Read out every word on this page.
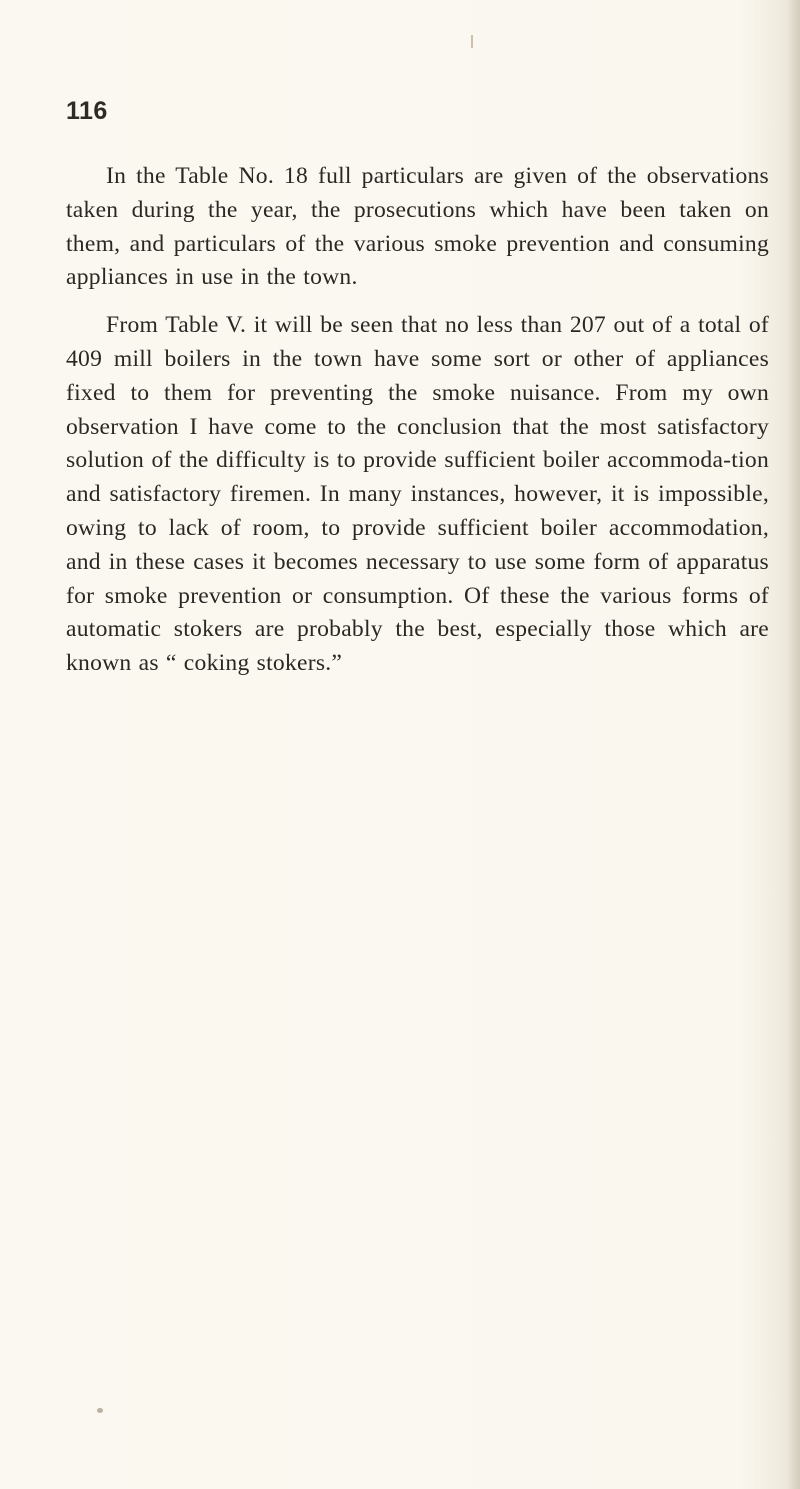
116

In the Table No. 18 full particulars are given of the observations taken during the year, the prosecutions which have been taken on them, and particulars of the various smoke prevention and consuming appliances in use in the town.

From Table V. it will be seen that no less than 207 out of a total of 409 mill boilers in the town have some sort or other of appliances fixed to them for preventing the smoke nuisance. From my own observation I have come to the conclusion that the most satisfactory solution of the difficulty is to provide sufficient boiler accommoda-tion and satisfactory firemen. In many instances, however, it is impossible, owing to lack of room, to provide sufficient boiler accommodation, and in these cases it becomes necessary to use some form of apparatus for smoke prevention or consumption. Of these the various forms of automatic stokers are probably the best, especially those which are known as “ coking stokers.”
